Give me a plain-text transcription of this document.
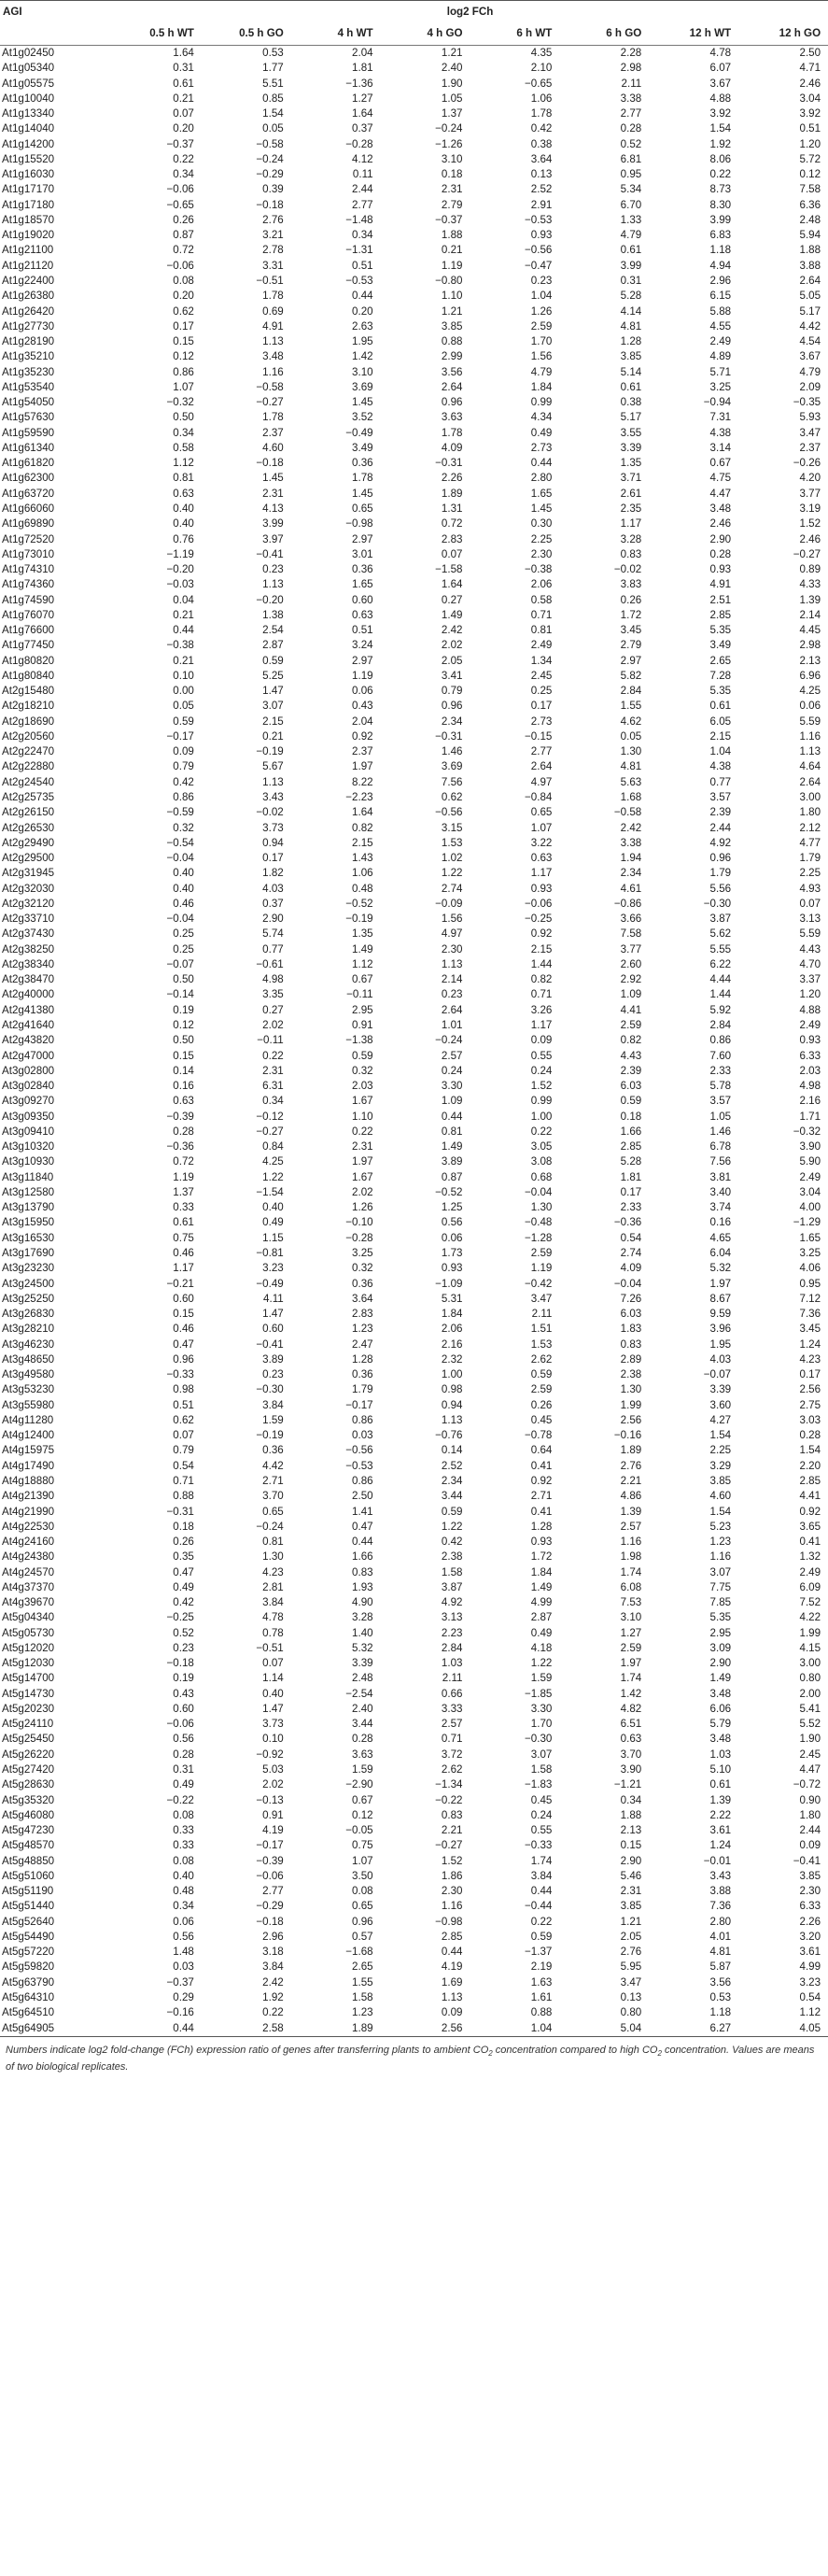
AGI	log2 FCh							
	0.5 h WT	0.5 h GO	4 h WT	4 h GO	6 h WT	6 h GO	12 h WT	12 h GO
At1g02450	1.64	0.53	2.04	1.21	4.35	2.28	4.78	2.50
At1g05340	0.31	1.77	1.81	2.40	2.10	2.98	6.07	4.71
At1g05575	0.61	5.51	−1.36	1.90	−0.65	2.11	3.67	2.46
At1g10040	0.21	0.85	1.27	1.05	1.06	3.38	4.88	3.04
At1g13340	0.07	1.54	1.64	1.37	1.78	2.77	3.92	3.92
At1g14040	0.20	0.05	0.37	−0.24	0.42	0.28	1.54	0.51
At1g14200	−0.37	−0.58	−0.28	−1.26	0.38	0.52	1.92	1.20
At1g15520	0.22	−0.24	4.12	3.10	3.64	6.81	8.06	5.72
At1g16030	0.34	−0.29	0.11	0.18	0.13	0.95	0.22	0.12
At1g17170	−0.06	0.39	2.44	2.31	2.52	5.34	8.73	7.58
At1g17180	−0.65	−0.18	2.77	2.79	2.91	6.70	8.30	6.36
At1g18570	0.26	2.76	−1.48	−0.37	−0.53	1.33	3.99	2.48
At1g19020	0.87	3.21	0.34	1.88	0.93	4.79	6.83	5.94
At1g21100	0.72	2.78	−1.31	0.21	−0.56	0.61	1.18	1.88
At1g21120	−0.06	3.31	0.51	1.19	−0.47	3.99	4.94	3.88
At1g22400	0.08	−0.51	−0.53	−0.80	0.23	0.31	2.96	2.64
At1g26380	0.20	1.78	0.44	1.10	1.04	5.28	6.15	5.05
At1g26420	0.62	0.69	0.20	1.21	1.26	4.14	5.88	5.17
At1g27730	0.17	4.91	2.63	3.85	2.59	4.81	4.55	4.42
At1g28190	0.15	1.13	1.95	0.88	1.70	1.28	2.49	4.54
At1g35210	0.12	3.48	1.42	2.99	1.56	3.85	4.89	3.67
At1g35230	0.86	1.16	3.10	3.56	4.79	5.14	5.71	4.79
At1g53540	1.07	−0.58	3.69	2.64	1.84	0.61	3.25	2.09
At1g54050	−0.32	−0.27	1.45	0.96	0.99	0.38	−0.94	−0.35
At1g57630	0.50	1.78	3.52	3.63	4.34	5.17	7.31	5.93
At1g59590	0.34	2.37	−0.49	1.78	0.49	3.55	4.38	3.47
At1g61340	0.58	4.60	3.49	4.09	2.73	3.39	3.14	2.37
At1g61820	1.12	−0.18	0.36	−0.31	0.44	1.35	0.67	−0.26
At1g62300	0.81	1.45	1.78	2.26	2.80	3.71	4.75	4.20
At1g63720	0.63	2.31	1.45	1.89	1.65	2.61	4.47	3.77
At1g66060	0.40	4.13	0.65	1.31	1.45	2.35	3.48	3.19
At1g69890	0.40	3.99	−0.98	0.72	0.30	1.17	2.46	1.52
At1g72520	0.76	3.97	2.97	2.83	2.25	3.28	2.90	2.46
At1g73010	−1.19	−0.41	3.01	0.07	2.30	0.83	0.28	−0.27
At1g74310	−0.20	0.23	0.36	−1.58	−0.38	−0.02	0.93	0.89
At1g74360	−0.03	1.13	1.65	1.64	2.06	3.83	4.91	4.33
At1g74590	0.04	−0.20	0.60	0.27	0.58	0.26	2.51	1.39
At1g76070	0.21	1.38	0.63	1.49	0.71	1.72	2.85	2.14
At1g76600	0.44	2.54	0.51	2.42	0.81	3.45	5.35	4.45
At1g77450	−0.38	2.87	3.24	2.02	2.49	2.79	3.49	2.98
At1g80820	0.21	0.59	2.97	2.05	1.34	2.97	2.65	2.13
At1g80840	0.10	5.25	1.19	3.41	2.45	5.82	7.28	6.96
At2g15480	0.00	1.47	0.06	0.79	0.25	2.84	5.35	4.25
At2g18210	0.05	3.07	0.43	0.96	0.17	1.55	0.61	0.06
At2g18690	0.59	2.15	2.04	2.34	2.73	4.62	6.05	5.59
At2g20560	−0.17	0.21	0.92	−0.31	−0.15	0.05	2.15	1.16
At2g22470	0.09	−0.19	2.37	1.46	2.77	1.30	1.04	1.13
At2g22880	0.79	5.67	1.97	3.69	2.64	4.81	4.38	4.64
At2g24540	0.42	1.13	8.22	7.56	4.97	5.63	0.77	2.64
At2g25735	0.86	3.43	−2.23	0.62	−0.84	1.68	3.57	3.00
At2g26150	−0.59	−0.02	1.64	−0.56	0.65	−0.58	2.39	1.80
At2g26530	0.32	3.73	0.82	3.15	1.07	2.42	2.44	2.12
At2g29490	−0.54	0.94	2.15	1.53	3.22	3.38	4.92	4.77
At2g29500	−0.04	0.17	1.43	1.02	0.63	1.94	0.96	1.79
At2g31945	0.40	1.82	1.06	1.22	1.17	2.34	1.79	2.25
At2g32030	0.40	4.03	0.48	2.74	0.93	4.61	5.56	4.93
At2g32120	0.46	0.37	−0.52	−0.09	−0.06	−0.86	−0.30	0.07
At2g33710	−0.04	2.90	−0.19	1.56	−0.25	3.66	3.87	3.13
At2g37430	0.25	5.74	1.35	4.97	0.92	7.58	5.62	5.59
At2g38250	0.25	0.77	1.49	2.30	2.15	3.77	5.55	4.43
At2g38340	−0.07	−0.61	1.12	1.13	1.44	2.60	6.22	4.70
At2g38470	0.50	4.98	0.67	2.14	0.82	2.92	4.44	3.37
At2g40000	−0.14	3.35	−0.11	0.23	0.71	1.09	1.44	1.20
At2g41380	0.19	0.27	2.95	2.64	3.26	4.41	5.92	4.88
At2g41640	0.12	2.02	0.91	1.01	1.17	2.59	2.84	2.49
At2g43820	0.50	−0.11	−1.38	−0.24	0.09	0.82	0.86	0.93
At2g47000	0.15	0.22	0.59	2.57	0.55	4.43	7.60	6.33
At3g02800	0.14	2.31	0.32	0.24	0.24	2.39	2.33	2.03
At3g02840	0.16	6.31	2.03	3.30	1.52	6.03	5.78	4.98
At3g09270	0.63	0.34	1.67	1.09	0.99	0.59	3.57	2.16
At3g09350	−0.39	−0.12	1.10	0.44	1.00	0.18	1.05	1.71
At3g09410	0.28	−0.27	0.22	0.81	0.22	1.66	1.46	−0.32
At3g10320	−0.36	0.84	2.31	1.49	3.05	2.85	6.78	3.90
At3g10930	0.72	4.25	1.97	3.89	3.08	5.28	7.56	5.90
At3g11840	1.19	1.22	1.67	0.87	0.68	1.81	3.81	2.49
At3g12580	1.37	−1.54	2.02	−0.52	−0.04	0.17	3.40	3.04
At3g13790	0.33	0.40	1.26	1.25	1.30	2.33	3.74	4.00
At3g15950	0.61	0.49	−0.10	0.56	−0.48	−0.36	0.16	−1.29
At3g16530	0.75	1.15	−0.28	0.06	−1.28	0.54	4.65	1.65
At3g17690	0.46	−0.81	3.25	1.73	2.59	2.74	6.04	3.25
At3g23230	1.17	3.23	0.32	0.93	1.19	4.09	5.32	4.06
At3g24500	−0.21	−0.49	0.36	−1.09	−0.42	−0.04	1.97	0.95
At3g25250	0.60	4.11	3.64	5.31	3.47	7.26	8.67	7.12
At3g26830	0.15	1.47	2.83	1.84	2.11	6.03	9.59	7.36
At3g28210	0.46	0.60	1.23	2.06	1.51	1.83	3.96	3.45
At3g46230	0.47	−0.41	2.47	2.16	1.53	0.83	1.95	1.24
At3g48650	0.96	3.89	1.28	2.32	2.62	2.89	4.03	4.23
At3g49580	−0.33	0.23	0.36	1.00	0.59	2.38	−0.07	0.17
At3g53230	0.98	−0.30	1.79	0.98	2.59	1.30	3.39	2.56
At3g55980	0.51	3.84	−0.17	0.94	0.26	1.99	3.60	2.75
At4g11280	0.62	1.59	0.86	1.13	0.45	2.56	4.27	3.03
At4g12400	0.07	−0.19	0.03	−0.76	−0.78	−0.16	1.54	0.28
At4g15975	0.79	0.36	−0.56	0.14	0.64	1.89	2.25	1.54
At4g17490	0.54	4.42	−0.53	2.52	0.41	2.76	3.29	2.20
At4g18880	0.71	2.71	0.86	2.34	0.92	2.21	3.85	2.85
At4g21390	0.88	3.70	2.50	3.44	2.71	4.86	4.60	4.41
At4g21990	−0.31	0.65	1.41	0.59	0.41	1.39	1.54	0.92
At4g22530	0.18	−0.24	0.47	1.22	1.28	2.57	5.23	3.65
At4g24160	0.26	0.81	0.44	0.42	0.93	1.16	1.23	0.41
At4g24380	0.35	1.30	1.66	2.38	1.72	1.98	1.16	1.32
At4g24570	0.47	4.23	0.83	1.58	1.84	1.74	3.07	2.49
At4g37370	0.49	2.81	1.93	3.87	1.49	6.08	7.75	6.09
At4g39670	0.42	3.84	4.90	4.92	4.99	7.53	7.85	7.52
At5g04340	−0.25	4.78	3.28	3.13	2.87	3.10	5.35	4.22
At5g05730	0.52	0.78	1.40	2.23	0.49	1.27	2.95	1.99
At5g12020	0.23	−0.51	5.32	2.84	4.18	2.59	3.09	4.15
At5g12030	−0.18	0.07	3.39	1.03	1.22	1.97	2.90	3.00
At5g14700	0.19	1.14	2.48	2.11	1.59	1.74	1.49	0.80
At5g14730	0.43	0.40	−2.54	0.66	−1.85	1.42	3.48	2.00
At5g20230	0.60	1.47	2.40	3.33	3.30	4.82	6.06	5.41
At5g24110	−0.06	3.73	3.44	2.57	1.70	6.51	5.79	5.52
At5g25450	0.56	0.10	0.28	0.71	−0.30	0.63	3.48	1.90
At5g26220	0.28	−0.92	3.63	3.72	3.07	3.70	1.03	2.45
At5g27420	0.31	5.03	1.59	2.62	1.58	3.90	5.10	4.47
At5g28630	0.49	2.02	−2.90	−1.34	−1.83	−1.21	0.61	−0.72
At5g35320	−0.22	−0.13	0.67	−0.22	0.45	0.34	1.39	0.90
At5g46080	0.08	0.91	0.12	0.83	0.24	1.88	2.22	1.80
At5g47230	0.33	4.19	−0.05	2.21	0.55	2.13	3.61	2.44
At5g48570	0.33	−0.17	0.75	−0.27	−0.33	0.15	1.24	0.09
At5g48850	0.08	−0.39	1.07	1.52	1.74	2.90	−0.01	−0.41
At5g51060	0.40	−0.06	3.50	1.86	3.84	5.46	3.43	3.85
At5g51190	0.48	2.77	0.08	2.30	0.44	2.31	3.88	2.30
At5g51440	0.34	−0.29	0.65	1.16	−0.44	3.85	7.36	6.33
At5g52640	0.06	−0.18	0.96	−0.98	0.22	1.21	2.80	2.26
At5g54490	0.56	2.96	0.57	2.85	0.59	2.05	4.01	3.20
At5g57220	1.48	3.18	−1.68	0.44	−1.37	2.76	4.81	3.61
At5g59820	0.03	3.84	2.65	4.19	2.19	5.95	5.87	4.99
At5g63790	−0.37	2.42	1.55	1.69	1.63	3.47	3.56	3.23
At5g64310	0.29	1.92	1.58	1.13	1.61	0.13	0.53	0.54
At5g64510	−0.16	0.22	1.23	0.09	0.88	0.80	1.18	1.12
At5g64905	0.44	2.58	1.89	2.56	1.04	5.04	6.27	4.05

Numbers indicate log2 fold-change (FCh) expression ratio of genes after transferring plants to ambient $CO_2$ concentration compared to high $CO_2$ concentration. Values are means of two biological replicates.
